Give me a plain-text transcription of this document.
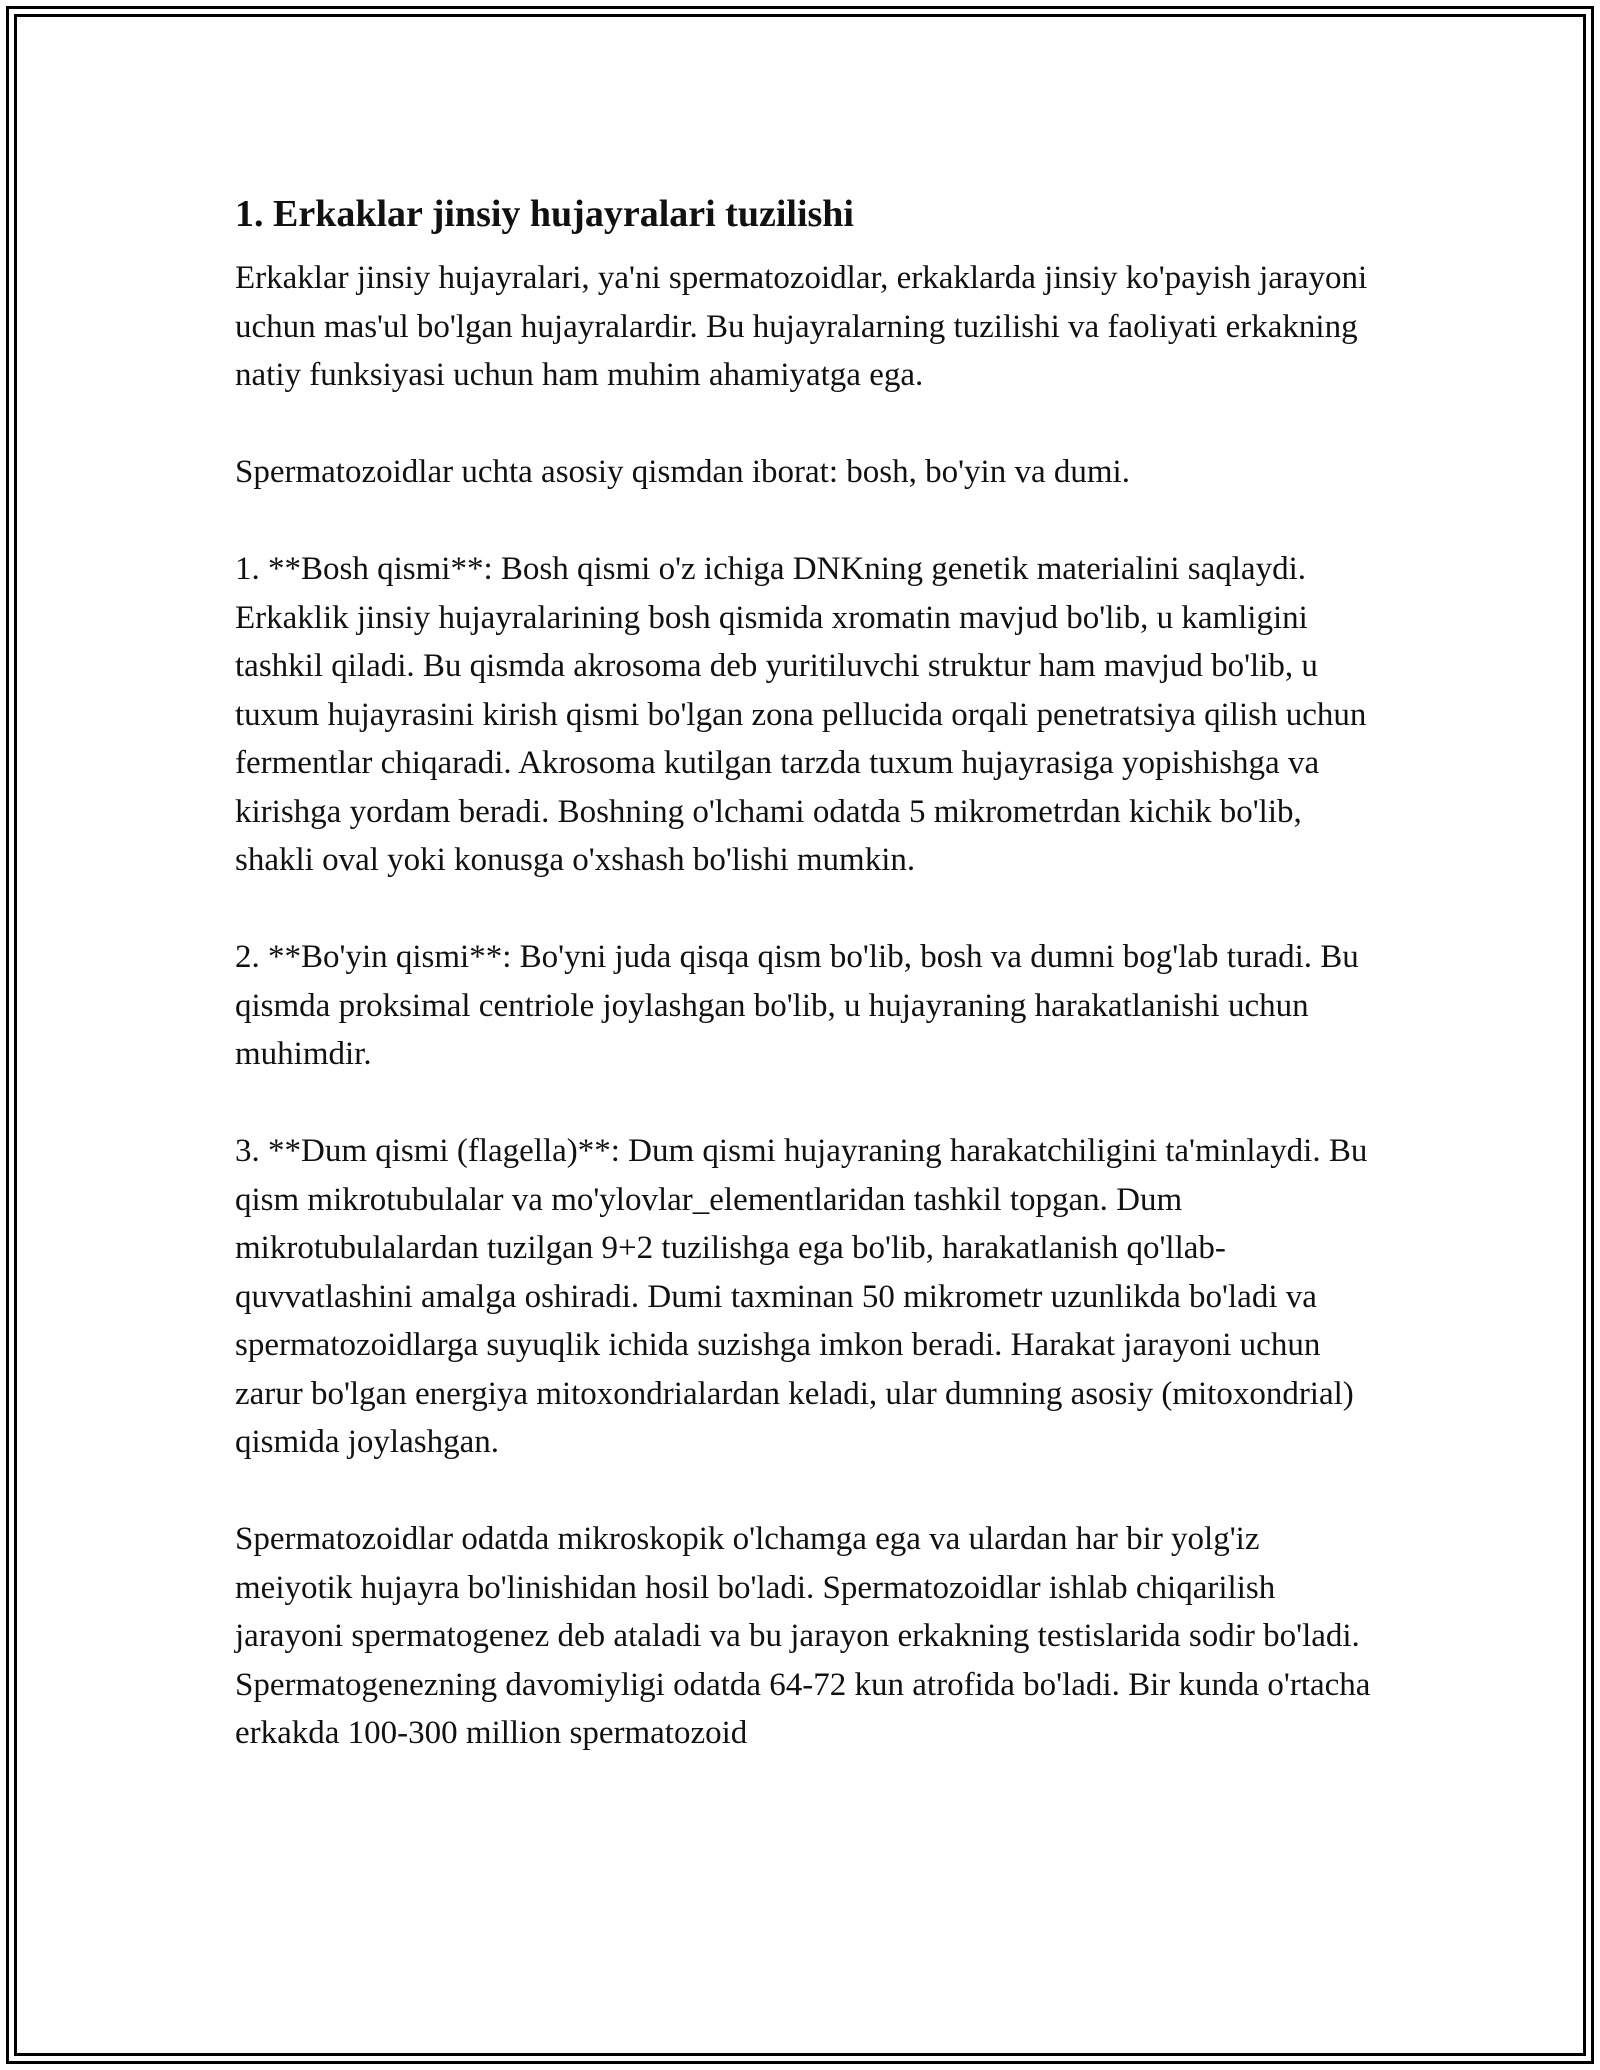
1. Erkaklar jinsiy hujayralari tuzilishi

Erkaklar jinsiy hujayralari, ya'ni spermatozoidlar, erkaklarda jinsiy ko'payish jarayoni uchun mas'ul bo'lgan hujayralardir. Bu hujayralarning tuzilishi va faoliyati erkakning natiy funksiyasi uchun ham muhim ahamiyatga ega.

Spermatozoidlar uchta asosiy qismdan iborat: bosh, bo'yin va dumi.

1. **Bosh qismi**: Bosh qismi o'z ichiga DNKning genetik materialini saqlaydi. Erkaklik jinsiy hujayralarining bosh qismida xromatin mavjud bo'lib, u kamligini tashkil qiladi. Bu qismda akrosoma deb yuritiluvchi struktur ham mavjud bo'lib, u tuxum hujayrasini kirish qismi bo'lgan zona pellucida orqali penetratsiya qilish uchun fermentlar chiqaradi. Akrosoma kutilgan tarzda tuxum hujayrasiga yopishishga va kirishga yordam beradi. Boshning o'lchami odatda 5 mikrometrdan kichik bo'lib, shakli oval yoki konusga o'xshash bo'lishi mumkin.

2. **Bo'yin qismi**: Bo'yni juda qisqa qism bo'lib, bosh va dumni bog'lab turadi. Bu qismda proksimal centriole joylashgan bo'lib, u hujayraning harakatlanishi uchun muhimdir.

3. **Dum qismi (flagella)**: Dum qismi hujayraning harakatchiligini ta'minlaydi. Bu qism mikrotubulalar va mo'ylovlar_elementlaridan tashkil topgan. Dum mikrotubulalardan tuzilgan 9+2 tuzilishga ega bo'lib, harakatlanish qo'llab-quvvatlashini amalga oshiradi. Dumi taxminan 50 mikrometr uzunlikda bo'ladi va spermatozoidlarga suyuqlik ichida suzishga imkon beradi. Harakat jarayoni uchun zarur bo'lgan energiya mitoxondrialardan keladi, ular dumning asosiy (mitoxondrial) qismida joylashgan.

Spermatozoidlar odatda mikroskopik o'lchamga ega va ulardan har bir yolg'iz meiyotik hujayra bo'linishidan hosil bo'ladi. Spermatozoidlar ishlab chiqarilish jarayoni spermatogenez deb ataladi va bu jarayon erkakning testislarida sodir bo'ladi. Spermatogenezning davomiyligi odatda 64-72 kun atrofida bo'ladi. Bir kunda o'rtacha erkakda 100-300 million spermatozoid
